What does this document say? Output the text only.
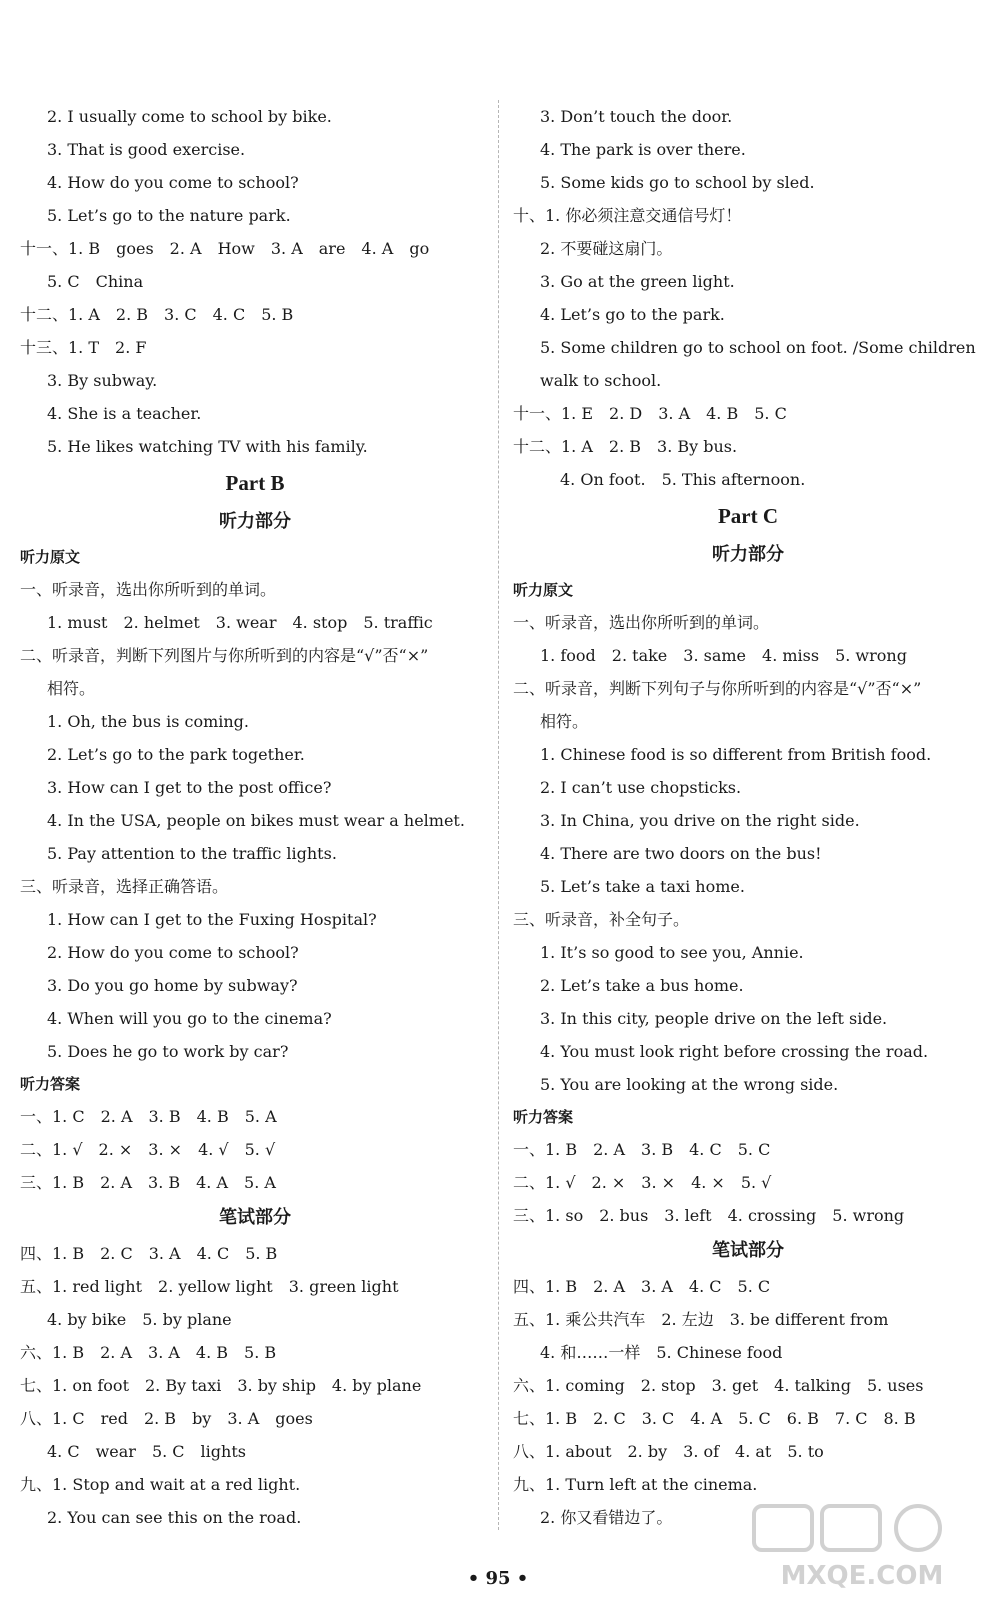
2. I usually come to school by bike.
3. That is good exercise.
4. How do you come to school?
5. Let’s go to the nature park.
十一、1. B　goes　2. A　How　3. A　are　4. A　go
5. C　China
十二、1. A　2. B　3. C　4. C　5. B
十三、1. T　2. F
3. By subway.
4. She is a teacher.
5. He likes watching TV with his family.
Part B
听力部分
听力原文
一、听录音，选出你所听到的单词。
1. must　2. helmet　3. wear　4. stop　5. traffic
二、听录音，判断下列图片与你所听到的内容是“√”否“×”
相符。
1. Oh, the bus is coming.
2. Let’s go to the park together.
3. How can I get to the post office?
4. In the USA, people on bikes must wear a helmet.
5. Pay attention to the traffic lights.
三、听录音，选择正确答语。
1. How can I get to the Fuxing Hospital?
2. How do you come to school?
3. Do you go home by subway?
4. When will you go to the cinema?
5. Does he go to work by car?
听力答案
一、1. C　2. A　3. B　4. B　5. A
二、1. √　2. ×　3. ×　4. √　5. √
三、1. B　2. A　3. B　4. A　5. A
笔试部分
四、1. B　2. C　3. A　4. C　5. B
五、1. red light　2. yellow light　3. green light
4. by bike　5. by plane
六、1. B　2. A　3. A　4. B　5. B
七、1. on foot　2. By taxi　3. by ship　4. by plane
八、1. C　red　2. B　by　3. A　goes
4. C　wear　5. C　lights
九、1. Stop and wait at a red light.
2. You can see this on the road.
3. Don’t touch the door.
4. The park is over there.
5. Some kids go to school by sled.
十、1. 你必须注意交通信号灯！
2. 不要碰这扇门。
3. Go at the green light.
4. Let’s go to the park.
5. Some children go to school on foot. /Some children walk to school.
十一、1. E　2. D　3. A　4. B　5. C
十二、1. A　2. B　3. By bus.
4. On foot.　5. This afternoon.
Part C
听力部分
听力原文
一、听录音，选出你所听到的单词。
1. food　2. take　3. same　4. miss　5. wrong
二、听录音，判断下列句子与你所听到的内容是“√”否“×”
相符。
1. Chinese food is so different from British food.
2. I can’t use chopsticks.
3. In China, you drive on the right side.
4. There are two doors on the bus!
5. Let’s take a taxi home.
三、听录音，补全句子。
1. It’s so good to see you, Annie.
2. Let’s take a bus home.
3. In this city, people drive on the left side.
4. You must look right before crossing the road.
5. You are looking at the wrong side.
听力答案
一、1. B　2. A　3. B　4. C　5. C
二、1. √　2. ×　3. ×　4. ×　5. √
三、1. so　2. bus　3. left　4. crossing　5. wrong
笔试部分
四、1. B　2. A　3. A　4. C　5. C
五、1. 乘公共汽车　2. 左边　3. be different from
4. 和……一样　5. Chinese food
六、1. coming　2. stop　3. get　4. talking　5. uses
七、1. B　2. C　3. C　4. A　5. C　6. B　7. C　8. B
八、1. about　2. by　3. of　4. at　5. to
九、1. Turn left at the cinema.
2. 你又看错边了。
• 95 •	MXQE.COM
